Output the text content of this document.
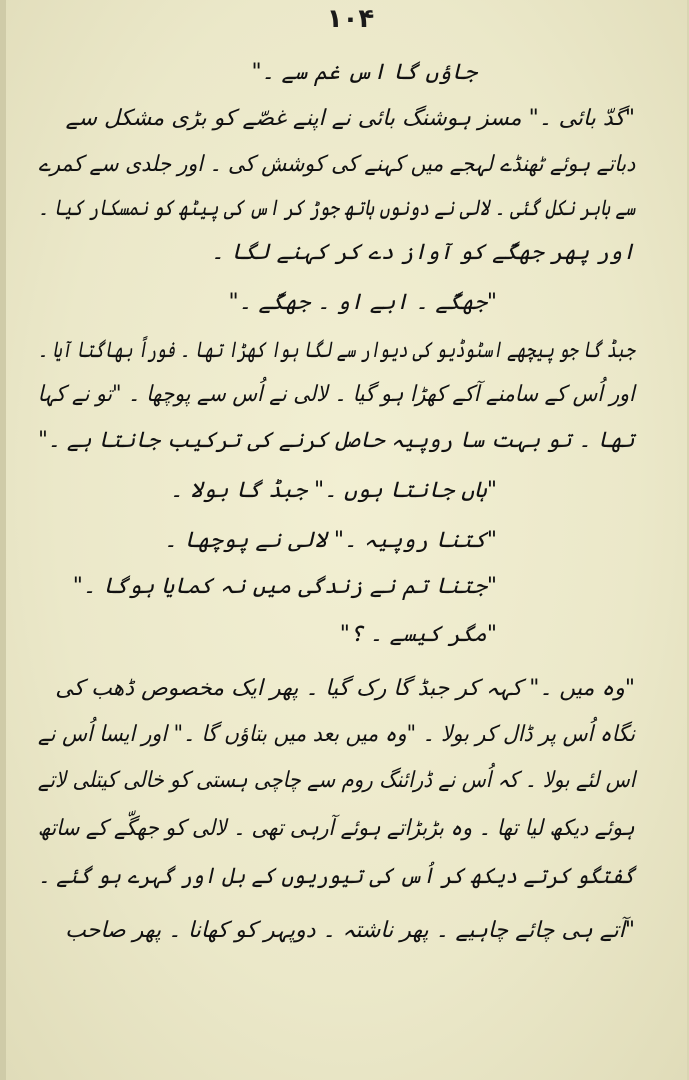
۱۰۴
جاؤں گا اس غم سے ۔"
"گدّ بائی ۔" مسز ہوشنگ بائی نے اپنے غصّے کو بڑی مشکل سے
دباتے ہوئے ٹھنڈے لہجے میں کہنے کی کوشش کی ۔ اور جلدی سے کمرے
سے باہر نکل گئی ۔ لالی نے دونوں ہاتھ جوڑ کر اس کی پیٹھ کو نمسکار کیا ۔
اور پھر جھگّے کو آواز دے کر کہنے لگا ۔
"جھگّے ۔ ابے او ۔ جھگّے ۔"
جبڈ گا جو پیچھے اسٹوڈیو کی دیوار سے لگا ہوا کھڑا تھا ۔ فوراً بھاگتا آیا ۔
اور اُس کے سامنے آکے کھڑا ہو گیا ۔ لالی نے اُس سے پوچھا ۔ "تو نے کہا
تھا ۔ تو بہت سا روپیہ حاصل کرنے کی ترکیب جانتا ہے ۔"
"ہاں جانتا ہوں ۔" جبڈ گا بولا ۔
"کتنا روپیہ ۔" لالی نے پوچھا ۔
"جتنا تم نے زندگی میں نہ کمایا ہوگا ۔"
"مگر کیسے ۔ ؟"
"وہ میں ۔" کہہ کر جبڈ گا رک گیا ۔ پھر ایک مخصوص ڈھب کی
نگاہ اُس پر ڈال کر بولا ۔ "وہ میں بعد میں بتاؤں گا ۔" اور ایسا اُس نے
اس لئے بولا ۔ کہ اُس نے ڈرائنگ روم سے چاچی ہستی کو خالی کیتلی لاتے
ہوئے دیکھ لیا تھا ۔ وہ بڑبڑاتے ہوئے آرہی تھی ۔ لالی کو جھگّے کے ساتھ
گفتگو کرتے دیکھ کر اُس کی تیوریوں کے بل اور گہرے ہو گئے ۔
"آتے ہی چائے چاہیے ۔ پھر ناشتہ ۔ دوپہر کو کھانا ۔ پھر صاحب
